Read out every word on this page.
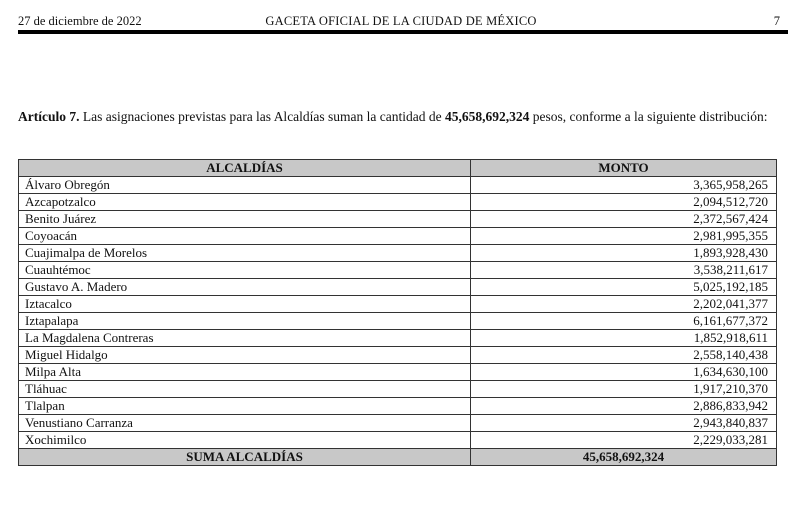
27 de diciembre de 2022	GACETA OFICIAL DE LA CIUDAD DE MÉXICO	7

Artículo 7. Las asignaciones previstas para las Alcaldías suman la cantidad de 45,658,692,324 pesos, conforme a la siguiente distribución:

ALCALDÍAS	MONTO
Álvaro Obregón	3,365,958,265
Azcapotzalco	2,094,512,720
Benito Juárez	2,372,567,424
Coyoacán	2,981,995,355
Cuajimalpa de Morelos	1,893,928,430
Cuauhtémoc	3,538,211,617
Gustavo A. Madero	5,025,192,185
Iztacalco	2,202,041,377
Iztapalapa	6,161,677,372
La Magdalena Contreras	1,852,918,611
Miguel Hidalgo	2,558,140,438
Milpa Alta	1,634,630,100
Tláhuac	1,917,210,370
Tlalpan	2,886,833,942
Venustiano Carranza	2,943,840,837
Xochimilco	2,229,033,281
SUMA ALCALDÍAS	45,658,692,324
